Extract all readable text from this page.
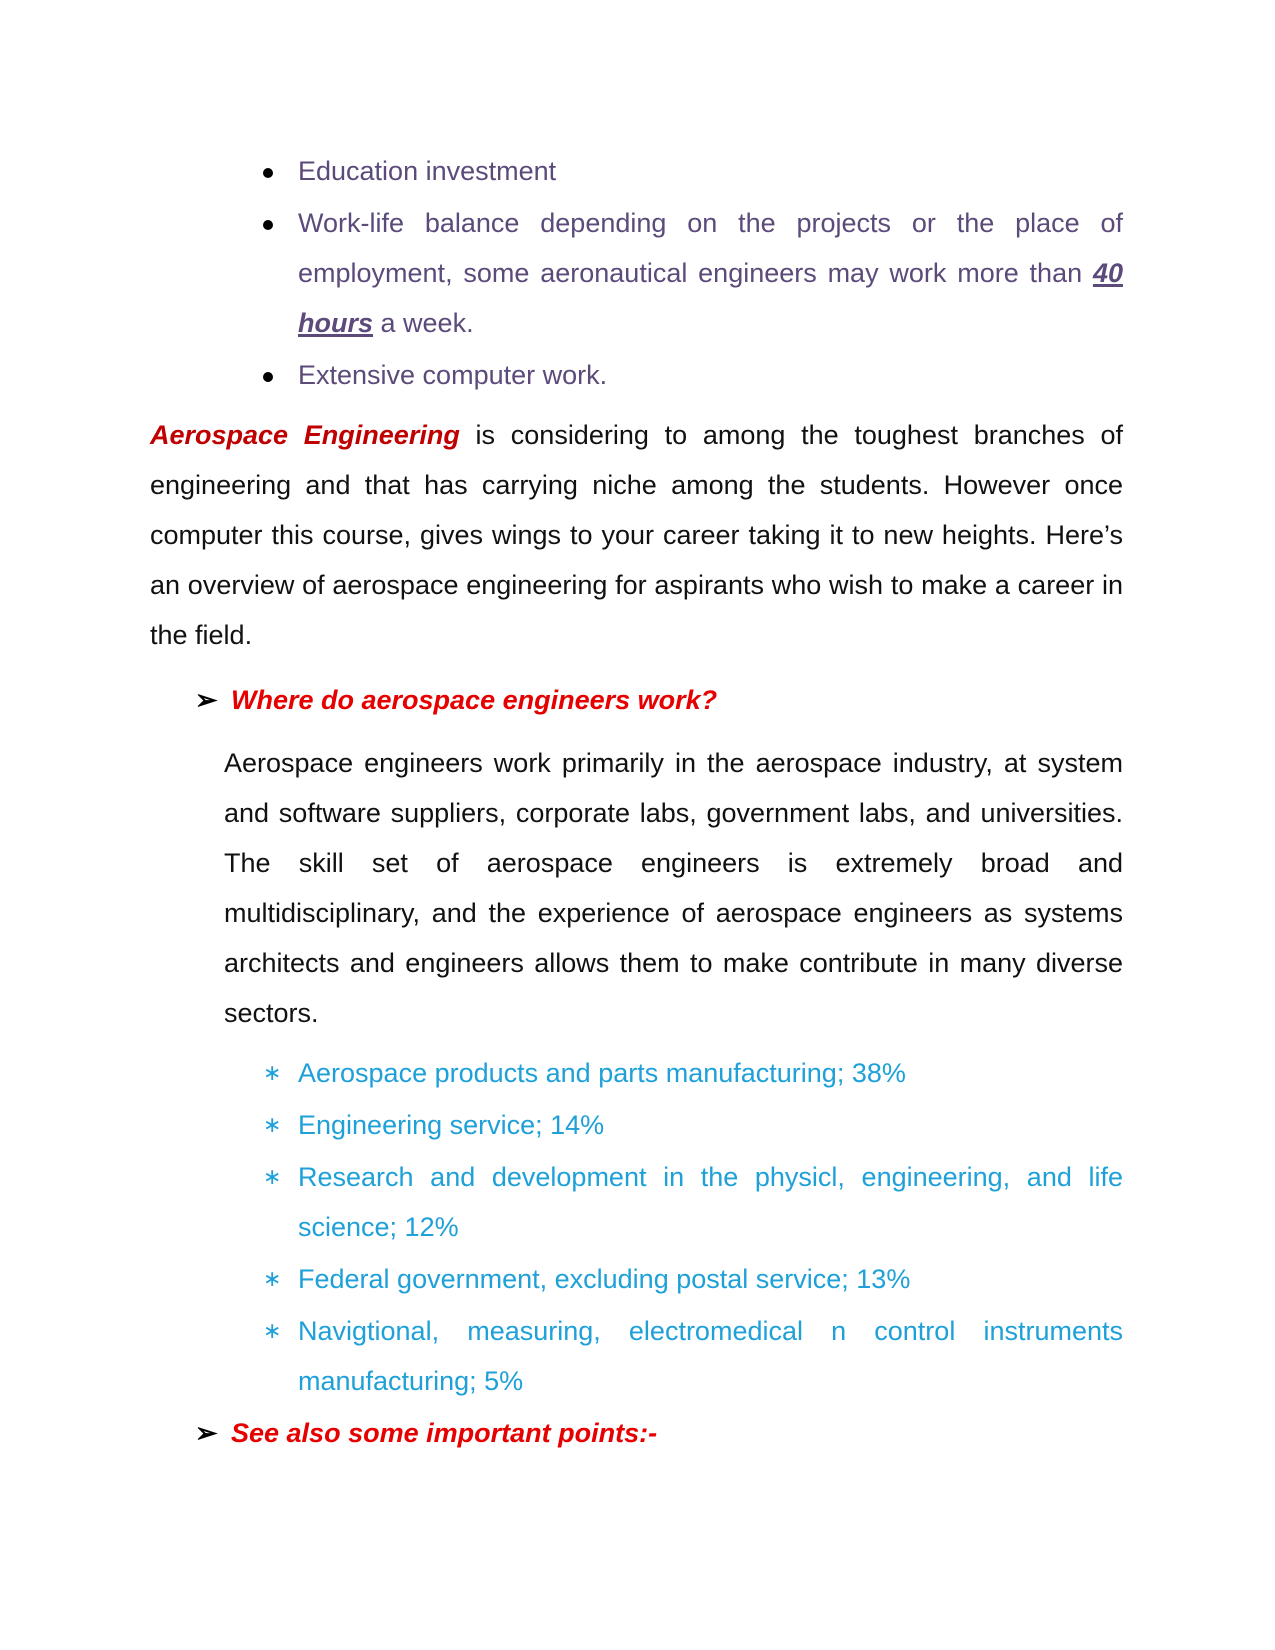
Education investment
Work-life balance depending on the projects or the place of employment, some aeronautical engineers may work more than 40 hours a week.
Extensive computer work.
Aerospace Engineering is considering to among the toughest branches of engineering and that has carrying niche among the students. However once computer this course, gives wings to your career taking it to new heights. Here’s an overview of aerospace engineering for aspirants who wish to make a career in the field.
➢ Where do aerospace engineers work?
Aerospace engineers work primarily in the aerospace industry, at system and software suppliers, corporate labs, government labs, and universities. The skill set of aerospace engineers is extremely broad and multidisciplinary, and the experience of aerospace engineers as systems architects and engineers allows them to make contribute in many diverse sectors.
∗ Aerospace products and parts manufacturing; 38%
∗ Engineering service; 14%
∗ Research and development in the physicl, engineering, and life science; 12%
∗ Federal government, excluding postal service; 13%
∗ Navigtional, measuring, electromedical n control instruments manufacturing; 5%
➢ See also some important points:-
